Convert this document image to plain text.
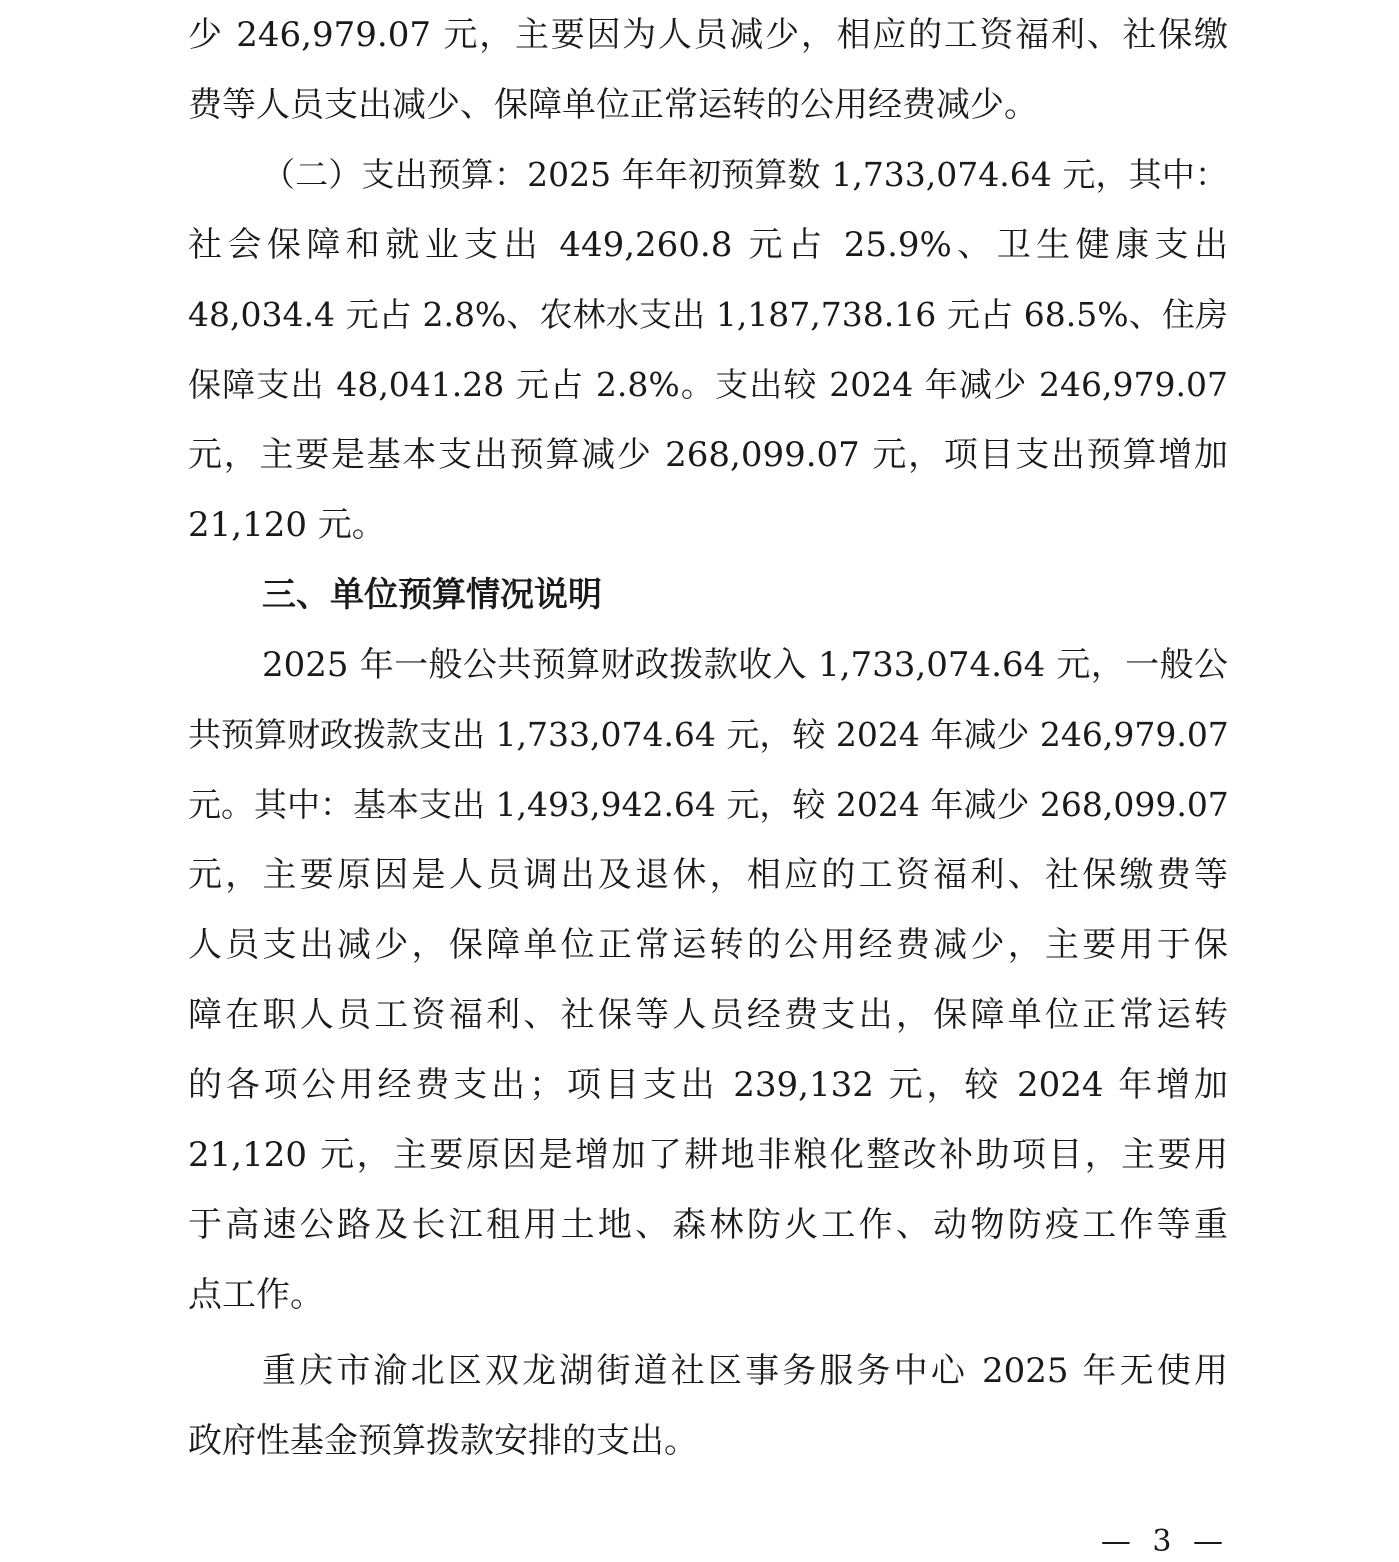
少 246,979.07 元，主要因为人员减少，相应的工资福利、社保缴
费等人员支出减少、保障单位正常运转的公用经费减少。
（二）支出预算：2025 年年初预算数 1,733,074.64 元，其中：
社会保障和就业支出 449,260.8 元占 25.9%、卫生健康支出
48,034.4 元占 2.8%、农林水支出 1,187,738.16 元占 68.5%、住房
保障支出 48,041.28 元占 2.8%。支出较 2024 年减少 246,979.07
元，主要是基本支出预算减少 268,099.07 元，项目支出预算增加
21,120 元。
三、单位预算情况说明
2025 年一般公共预算财政拨款收入 1,733,074.64 元，一般公
共预算财政拨款支出 1,733,074.64 元，较 2024 年减少 246,979.07
元。其中：基本支出 1,493,942.64 元，较 2024 年减少 268,099.07
元，主要原因是人员调出及退休，相应的工资福利、社保缴费等
人员支出减少，保障单位正常运转的公用经费减少，主要用于保
障在职人员工资福利、社保等人员经费支出，保障单位正常运转
的各项公用经费支出；项目支出 239,132 元，较 2024 年增加
21,120 元，主要原因是增加了耕地非粮化整改补助项目，主要用
于高速公路及长江租用土地、森林防火工作、动物防疫工作等重
点工作。
重庆市渝北区双龙湖街道社区事务服务中心 2025 年无使用
政府性基金预算拨款安排的支出。
— 3 —
